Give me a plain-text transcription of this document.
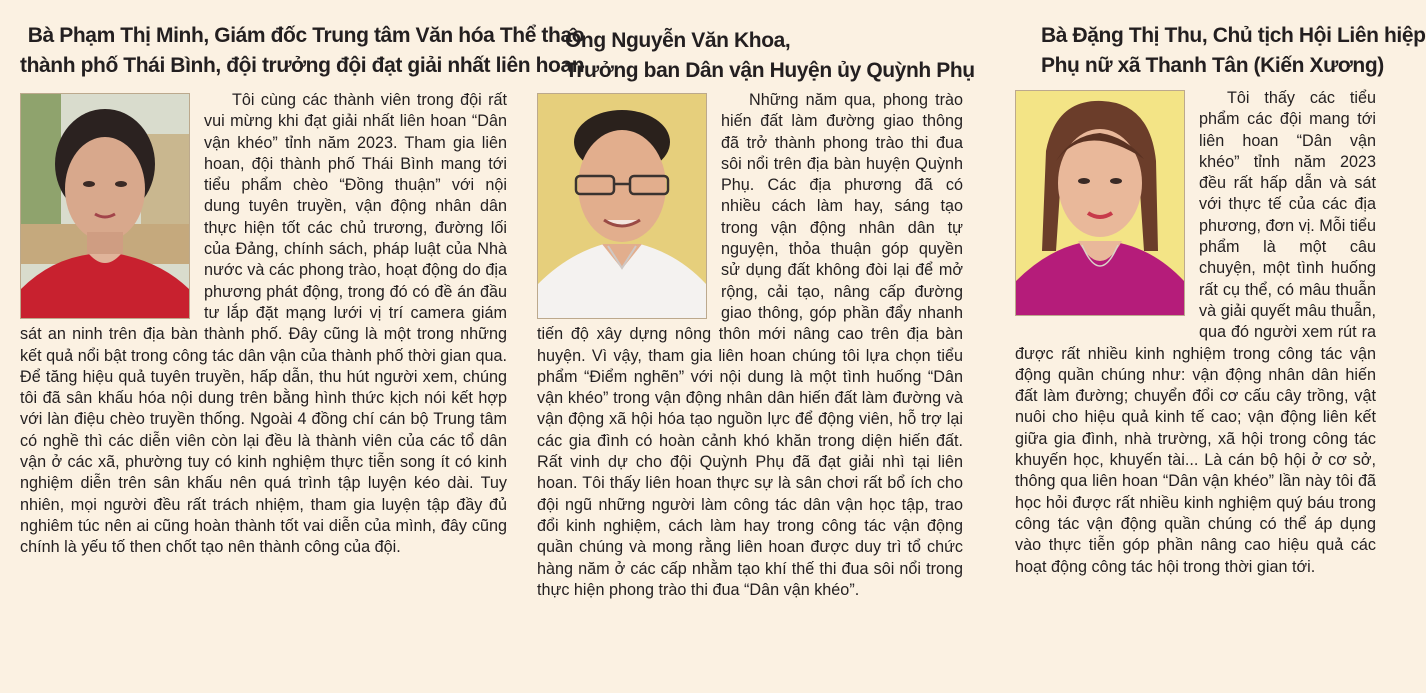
Bà Phạm Thị Minh, Giám đốc Trung tâm Văn hóa Thể thao
thành phố Thái Bình, đội trưởng đội đạt giải nhất liên hoan

Tôi cùng các thành viên trong đội rất vui mừng khi đạt giải nhất liên hoan “Dân vận khéo” tỉnh năm 2023. Tham gia liên hoan, đội thành phố Thái Bình mang tới tiểu phẩm chèo “Đồng thuận” với nội dung tuyên truyền, vận động nhân dân thực hiện tốt các chủ trương, đường lối của Đảng, chính sách, pháp luật của Nhà nước và các phong trào, hoạt động do địa phương phát động, trong đó có đề án đầu tư lắp đặt mạng lưới vị trí camera giám sát an ninh trên địa bàn thành phố. Đây cũng là một trong những kết quả nổi bật trong công tác dân vận của thành phố thời gian qua. Để tăng hiệu quả tuyên truyền, hấp dẫn, thu hút người xem, chúng tôi đã sân khấu hóa nội dung trên bằng hình thức kịch nói kết hợp với làn điệu chèo truyền thống. Ngoài 4 đồng chí cán bộ Trung tâm có nghề thì các diễn viên còn lại đều là thành viên của các tổ dân vận ở các xã, phường tuy có kinh nghiệm thực tiễn song ít có kinh nghiệm diễn trên sân khấu nên quá trình tập luyện kéo dài. Tuy nhiên, mọi người đều rất trách nhiệm, tham gia luyện tập đầy đủ nghiêm túc nên ai cũng hoàn thành tốt vai diễn của mình, đây cũng chính là yếu tố then chốt tạo nên thành công của đội.

Ông Nguyễn Văn Khoa,
Trưởng ban Dân vận Huyện ủy Quỳnh Phụ

Những năm qua, phong trào hiến đất làm đường giao thông đã trở thành phong trào thi đua sôi nổi trên địa bàn huyện Quỳnh Phụ. Các địa phương đã có nhiều cách làm hay, sáng tạo trong vận động nhân dân tự nguyện, thỏa thuận góp quyền sử dụng đất không đòi lại để mở rộng, cải tạo, nâng cấp đường giao thông, góp phần đẩy nhanh tiến độ xây dựng nông thôn mới nâng cao trên địa bàn huyện. Vì vậy, tham gia liên hoan chúng tôi lựa chọn tiểu phẩm “Điểm nghẽn” với nội dung là một tình huống “Dân vận khéo” trong vận động nhân dân hiến đất làm đường và vận động xã hội hóa tạo nguồn lực để động viên, hỗ trợ lại các gia đình có hoàn cảnh khó khăn trong diện hiến đất. Rất vinh dự cho đội Quỳnh Phụ đã đạt giải nhì tại liên hoan. Tôi thấy liên hoan thực sự là sân chơi rất bổ ích cho đội ngũ những người làm công tác dân vận học tập, trao đổi kinh nghiệm, cách làm hay trong công tác vận động quần chúng và mong rằng liên hoan được duy trì tổ chức hàng năm ở các cấp nhằm tạo khí thế thi đua sôi nổi trong thực hiện phong trào thi đua “Dân vận khéo”.

Bà Đặng Thị Thu, Chủ tịch Hội Liên hiệp
Phụ nữ xã Thanh Tân (Kiến Xương)

Tôi thấy các tiểu phẩm các đội mang tới liên hoan “Dân vận khéo” tỉnh năm 2023 đều rất hấp dẫn và sát với thực tế của các địa phương, đơn vị. Mỗi tiểu phẩm là một câu chuyện, một tình huống rất cụ thể, có mâu thuẫn và giải quyết mâu thuẫn, qua đó người xem rút ra được rất nhiều kinh nghiệm trong công tác vận động quần chúng như: vận động nhân dân hiến đất làm đường; chuyển đổi cơ cấu cây trồng, vật nuôi cho hiệu quả kinh tế cao; vận động liên kết giữa gia đình, nhà trường, xã hội trong công tác khuyến học, khuyến tài... Là cán bộ hội ở cơ sở, thông qua liên hoan “Dân vận khéo” lần này tôi đã học hỏi được rất nhiều kinh nghiệm quý báu trong công tác vận động quần chúng có thể áp dụng vào thực tiễn góp phần nâng cao hiệu quả các hoạt động công tác hội trong thời gian tới.
